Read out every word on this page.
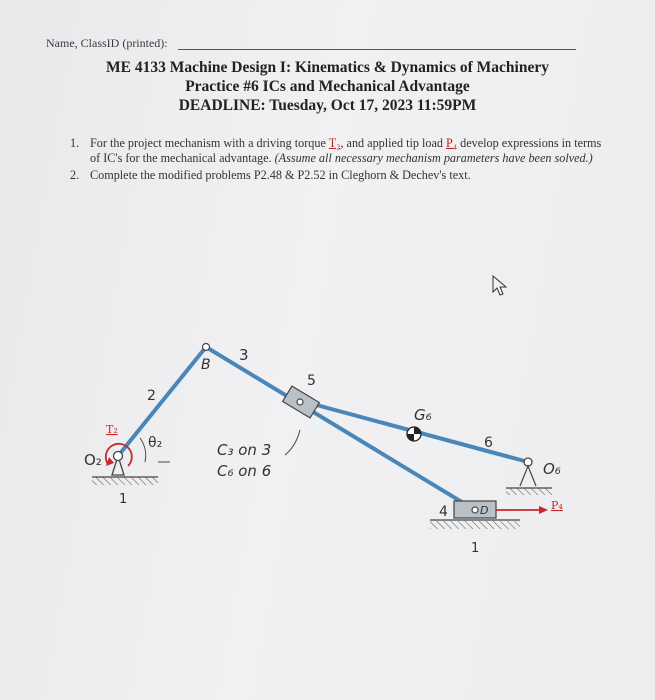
Name, ClassID (printed):
ME 4133 Machine Design I: Kinematics & Dynamics of Machinery
Practice #6 ICs and Mechanical Advantage
DEADLINE: Tuesday, Oct 17, 2023 11:59PM
1. For the project mechanism with a driving torque T₂, and applied tip load P₄ develop expressions in terms of IC's for the mechanical advantage. (Assume all necessary mechanism parameters have been solved.)
2. Complete the modified problems P2.48 & P2.52 in Cleghorn & Dechev's text.
O₂
T₂
θ₂
1
2
B
3
5
G₆
6
O₆
4	D
1
P₄
C₃ on 3
C₆ on 6
